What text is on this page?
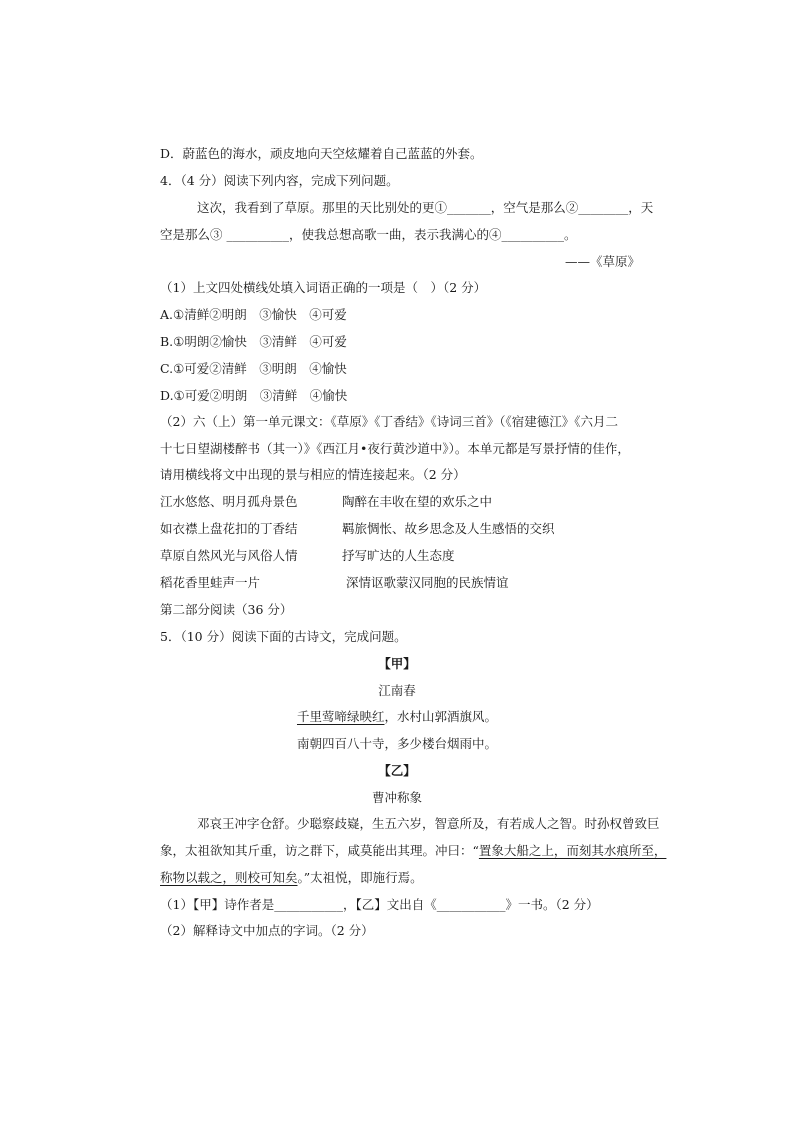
D．蔚蓝色的海水，顽皮地向天空炫耀着自己蓝蓝的外套。
4．（4 分）阅读下列内容，完成下列问题。
这次，我看到了草原。那里的天比别处的更①_______，空气是那么②________，天
空是那么③ __________，使我总想高歌一曲，表示我满心的④__________。
——《草原》
（1）上文四处横线处填入词语正确的一项是（　）（2 分）
A.①清鲜②明朗　③愉快　④可爱
B.①明朗②愉快　③清鲜　④可爱
C.①可爱②清鲜　③明朗　④愉快
D.①可爱②明朗　③清鲜　④愉快
（2）六（上）第一单元课文：《草原》《丁香结》《诗词三首》（《宿建德江》《六月二
十七日望湖楼醉书（其一）》《西江月•夜行黄沙道中》）。本单元都是写景抒情的佳作，
请用横线将文中出现的景与相应的情连接起来。（2 分）
江水悠悠、明月孤舟景色	陶醉在丰收在望的欢乐之中
如衣襟上盘花扣的丁香结	羁旅惆怅、故乡思念及人生感悟的交织
草原自然风光与风俗人情	抒写旷达的人生态度
稻花香里蛙声一片	深情讴歌蒙汉同胞的民族情谊
第二部分阅读（36 分）
5．（10 分）阅读下面的古诗文，完成问题。
【甲】
江南春
千里莺啼绿映红，水村山郭酒旗风。
南朝四百八十寺，多少楼台烟雨中。
【乙】
曹冲称象
邓哀王冲字仓舒。少聪察歧嶷，生五六岁，智意所及，有若成人之智。时孙权曾致巨
象，太祖欲知其斤重，访之群下，咸莫能出其理。冲曰：“置象大船之上，而刻其水痕所至，
称物以载之，则校可知矣。”太祖悦，即施行焉。
（1）【甲】诗作者是___________，【乙】文出自《___________》一书。（2 分）
（2）解释诗文中加点的字词。（2 分）
